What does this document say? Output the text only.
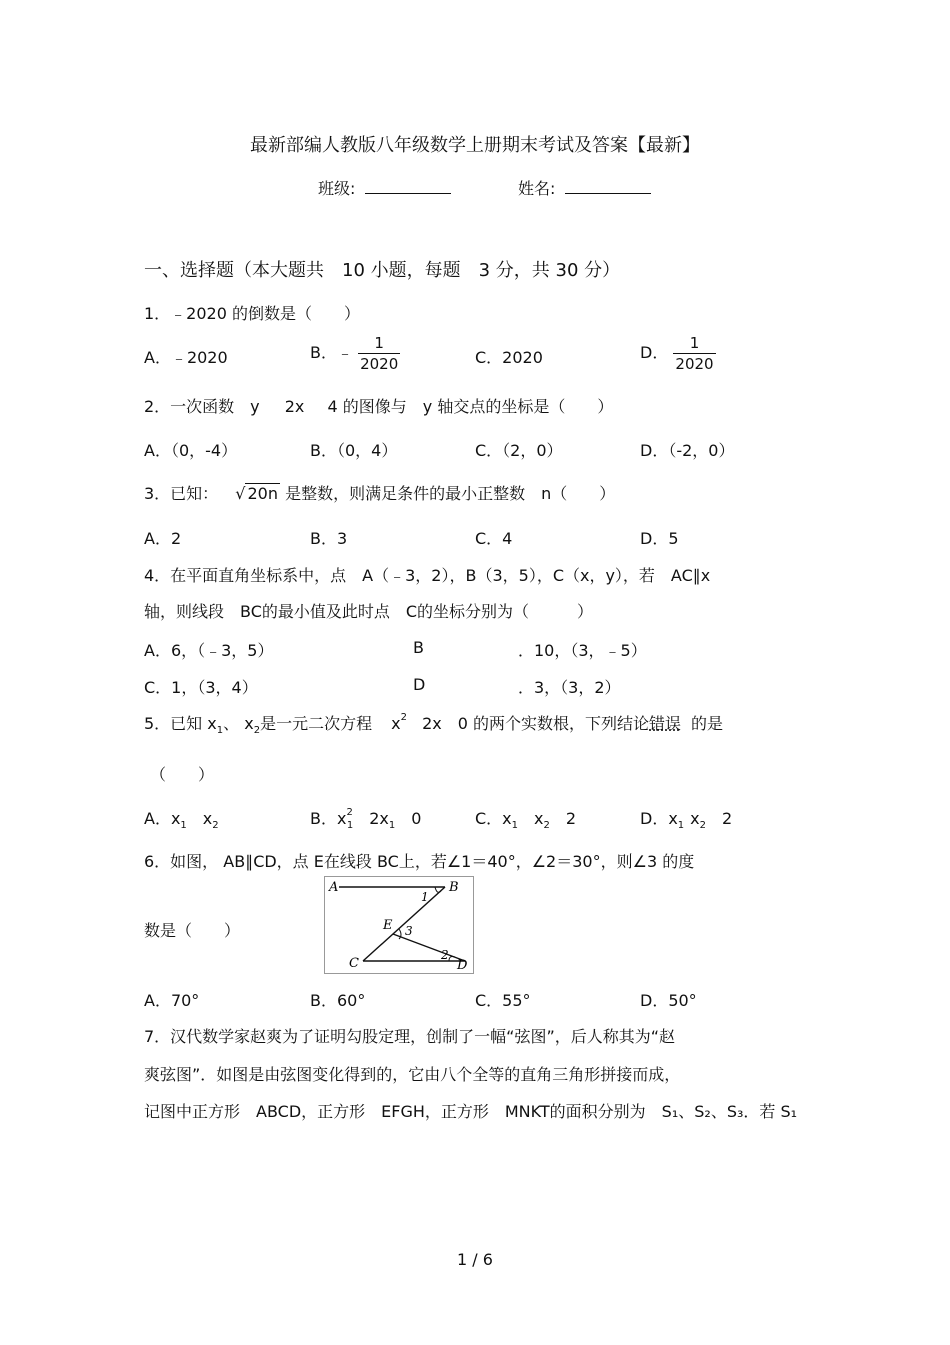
最新部编人教版八年级数学上册期末考试及答案【最新】
班级:	姓名:
一、选择题（本大题共　10 小题，每题　3 分，共 30 分）
1．﹣2020 的倒数是（　　）
A．﹣2020	B．﹣ $\frac{1}{2020}$	C．2020	D． $\frac{1}{2020}$
2．一次函数　y 2x 4 的图像与　y 轴交点的坐标是（　　）
A．（0，-4）	B．（0，4）	C．（2，0）	D．（-2，0）
3．已知： √ 20n 是整数，则满足条件的最小正整数　n（　　）
A．2	B．3	C．4	D．5
4．在平面直角坐标系中，点　A（﹣3，2），B（3，5），C（x，y），若　AC∥x
轴，则线段　BC的最小值及此时点　C的坐标分别为（　　　）
A．6，（﹣3，5）	B	．10，（3，﹣5）
C．1，（3，4）	D	．3，（3，2）
5．已知 $x_1$、 $x_2$是一元二次方程 $x^2$ 2x　0 的两个实数根，下列结论错误 的是
（　　）
A．$x_1$　$x_2$	B．$x^2_1$　$2x_1$　0	C．$x_1$　$x_2$　2	D．$x_1$ $x_2$　2
6．如图， AB∥CD，点 E在线段 BC上，若∠1＝40°，∠2＝30°，则∠3 的度
数是（　　）
A	B
C	D
E
1
2
3
A．70°	B．60°	C．55°	D．50°
7．汉代数学家赵爽为了证明勾股定理，创制了一幅“弦图”，后人称其为“赵
爽弦图”．如图是由弦图变化得到的，它由八个全等的直角三角形拼接而成，
记图中正方形　ABCD，正方形　EFGH，正方形　MNKT的面积分别为　S₁、S₂、S₃．若 S₁
1 / 6
